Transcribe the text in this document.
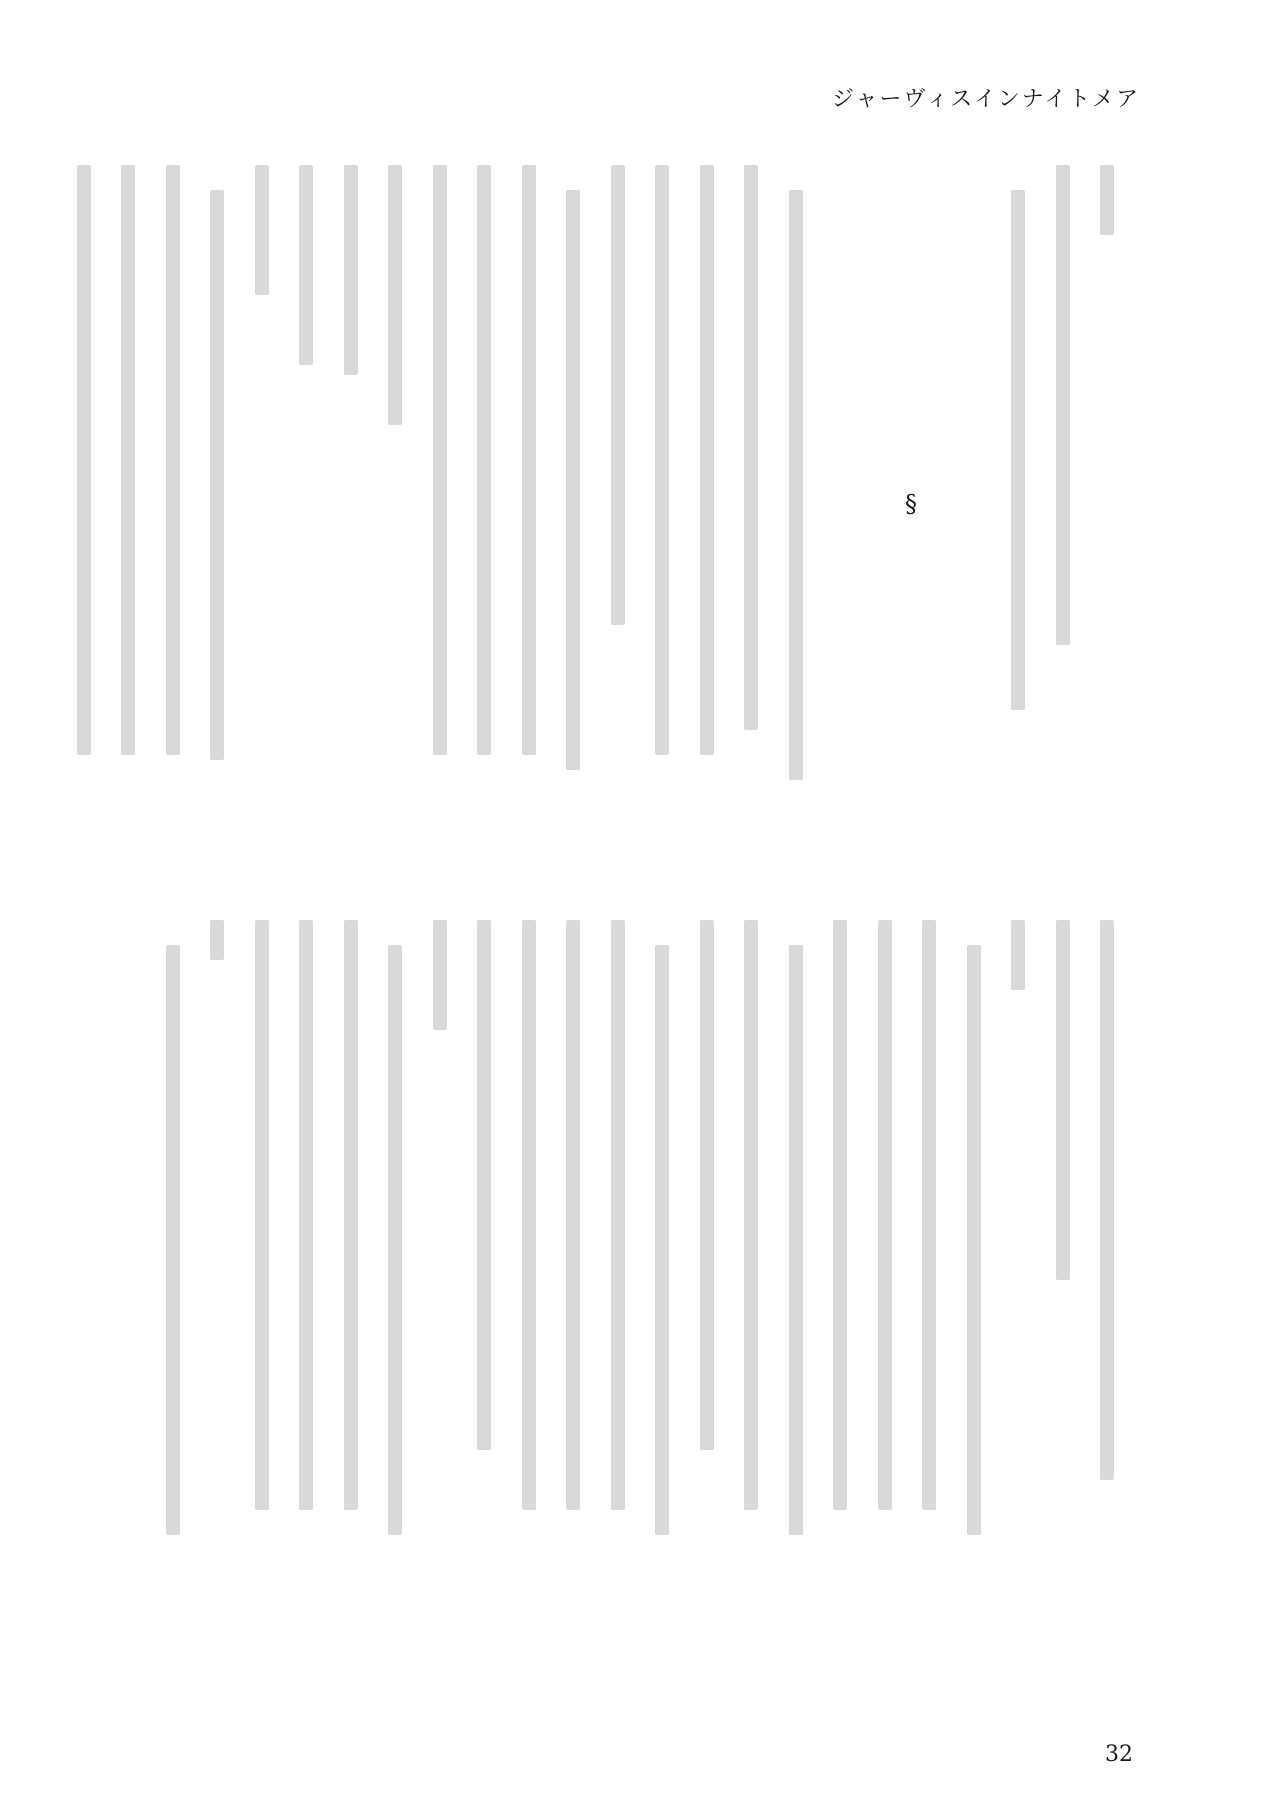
ジャーヴィスインナイトメア
§
32
